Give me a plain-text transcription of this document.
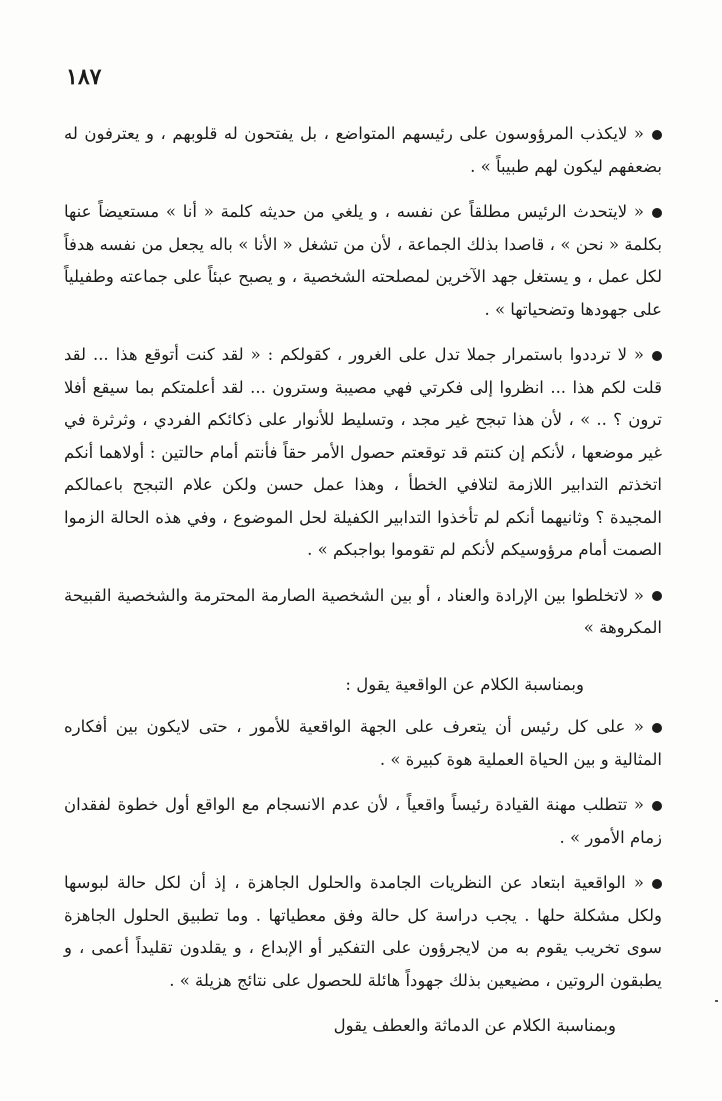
١٨٧

« لايكذب المرؤوسون على رئيسهم المتواضع ، بل يفتحون له قلوبهم ، و يعترفون له بضعفهم ليكون لهم طبيباً » .

« لايتحدث الرئيس مطلقاً عن نفسه ، و يلغي من حديثه كلمة « أنا » مستعيضاً عنها بكلمة « نحن » ، قاصدا بذلك الجماعة ، لأن من تشغل « الأنا » باله يجعل من نفسه هدفاً لكل عمل ، و يستغل جهد الآخرين لمصلحته الشخصية ، و يصبح عبئاً على جماعته وطفيلياً على جهودها وتضحياتها » .

« لا ترددوا باستمرار جملا تدل على الغرور ، كقولكم : « لقد كنت أتوقع هذا ... لقد قلت لكم هذا ... انظروا إلى فكرتي فهي مصيبة وسترون ... لقد أعلمتكم بما سيقع أفلا ترون ؟ .. » ، لأن هذا تبجح غير مجد ، وتسليط للأنوار على ذكائكم الفردي ، وثرثرة في غير موضعها ، لأنكم إن كنتم قد توقعتم حصول الأمر حقاً فأنتم أمام حالتين : أولاهما أنكم اتخذتم التدابير اللازمة لتلافي الخطأ ، وهذا عمل حسن ولكن علام التبجح باعمالكم المجيدة ؟ وثانيهما أنكم لم تأخذوا التدابير الكفيلة لحل الموضوع ، وفي هذه الحالة الزموا الصمت أمام مرؤوسيكم لأنكم لم تقوموا بواجبكم » .

« لاتخلطوا بين الإرادة والعناد ، أو بين الشخصية الصارمة المحترمة والشخصية القبيحة المكروهة »

وبمناسبة الكلام عن الواقعية يقول :

« على كل رئيس أن يتعرف على الجهة الواقعية للأمور ، حتى لايكون بين أفكاره المثالية و بين الحياة العملية هوة كبيرة » .

« تتطلب مهنة القيادة رئيساً واقعياً ، لأن عدم الانسجام مع الواقع أول خطوة لفقدان زمام الأمور » .

« الواقعية ابتعاد عن النظريات الجامدة والحلول الجاهزة ، إذ أن لكل حالة لبوسها ولكل مشكلة حلها . يجب دراسة كل حالة وفق معطياتها . وما تطبيق الحلول الجاهزة سوى تخريب يقوم به من لايجرؤون على التفكير أو الإبداع ، و يقلدون تقليداً أعمى ، و يطبقون الروتين ، مضيعين بذلك جهوداً هائلة للحصول على نتائج هزيلة » .

وبمناسبة الكلام عن الدماثة والعطف يقول
